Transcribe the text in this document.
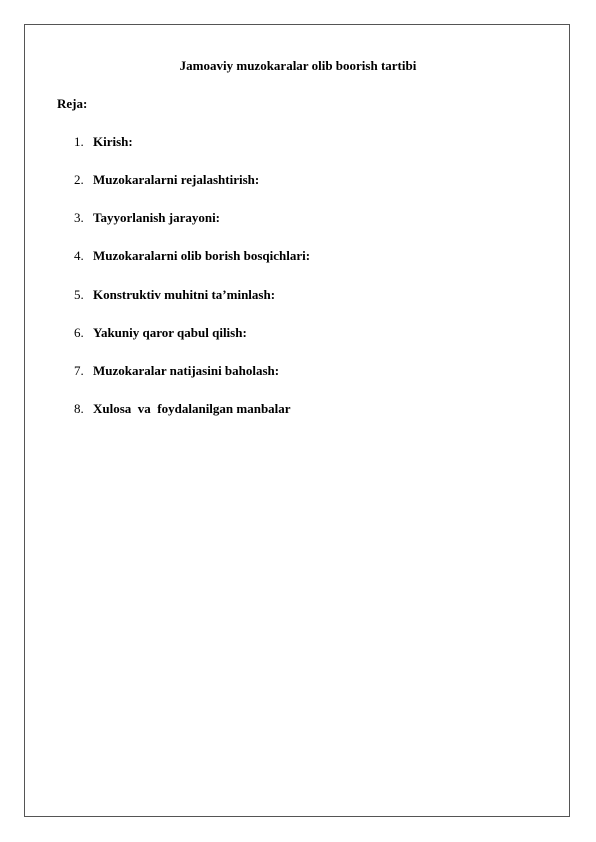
Jamoaviy muzokaralar olib boorish tartibi
Reja:

1.

Kirish:

2.

Muzokaralarni rejalashtirish:

3.

Tayyorlanish jarayoni:

4.

Muzokaralarni olib borish bosqichlari:

5.

Konstruktiv muhitni ta’minlash:

6.

Yakuniy qaror qabul qilish:

7.

Muzokaralar natijasini baholash:

8.

Xulosa  va  foydalanilgan manbalar
